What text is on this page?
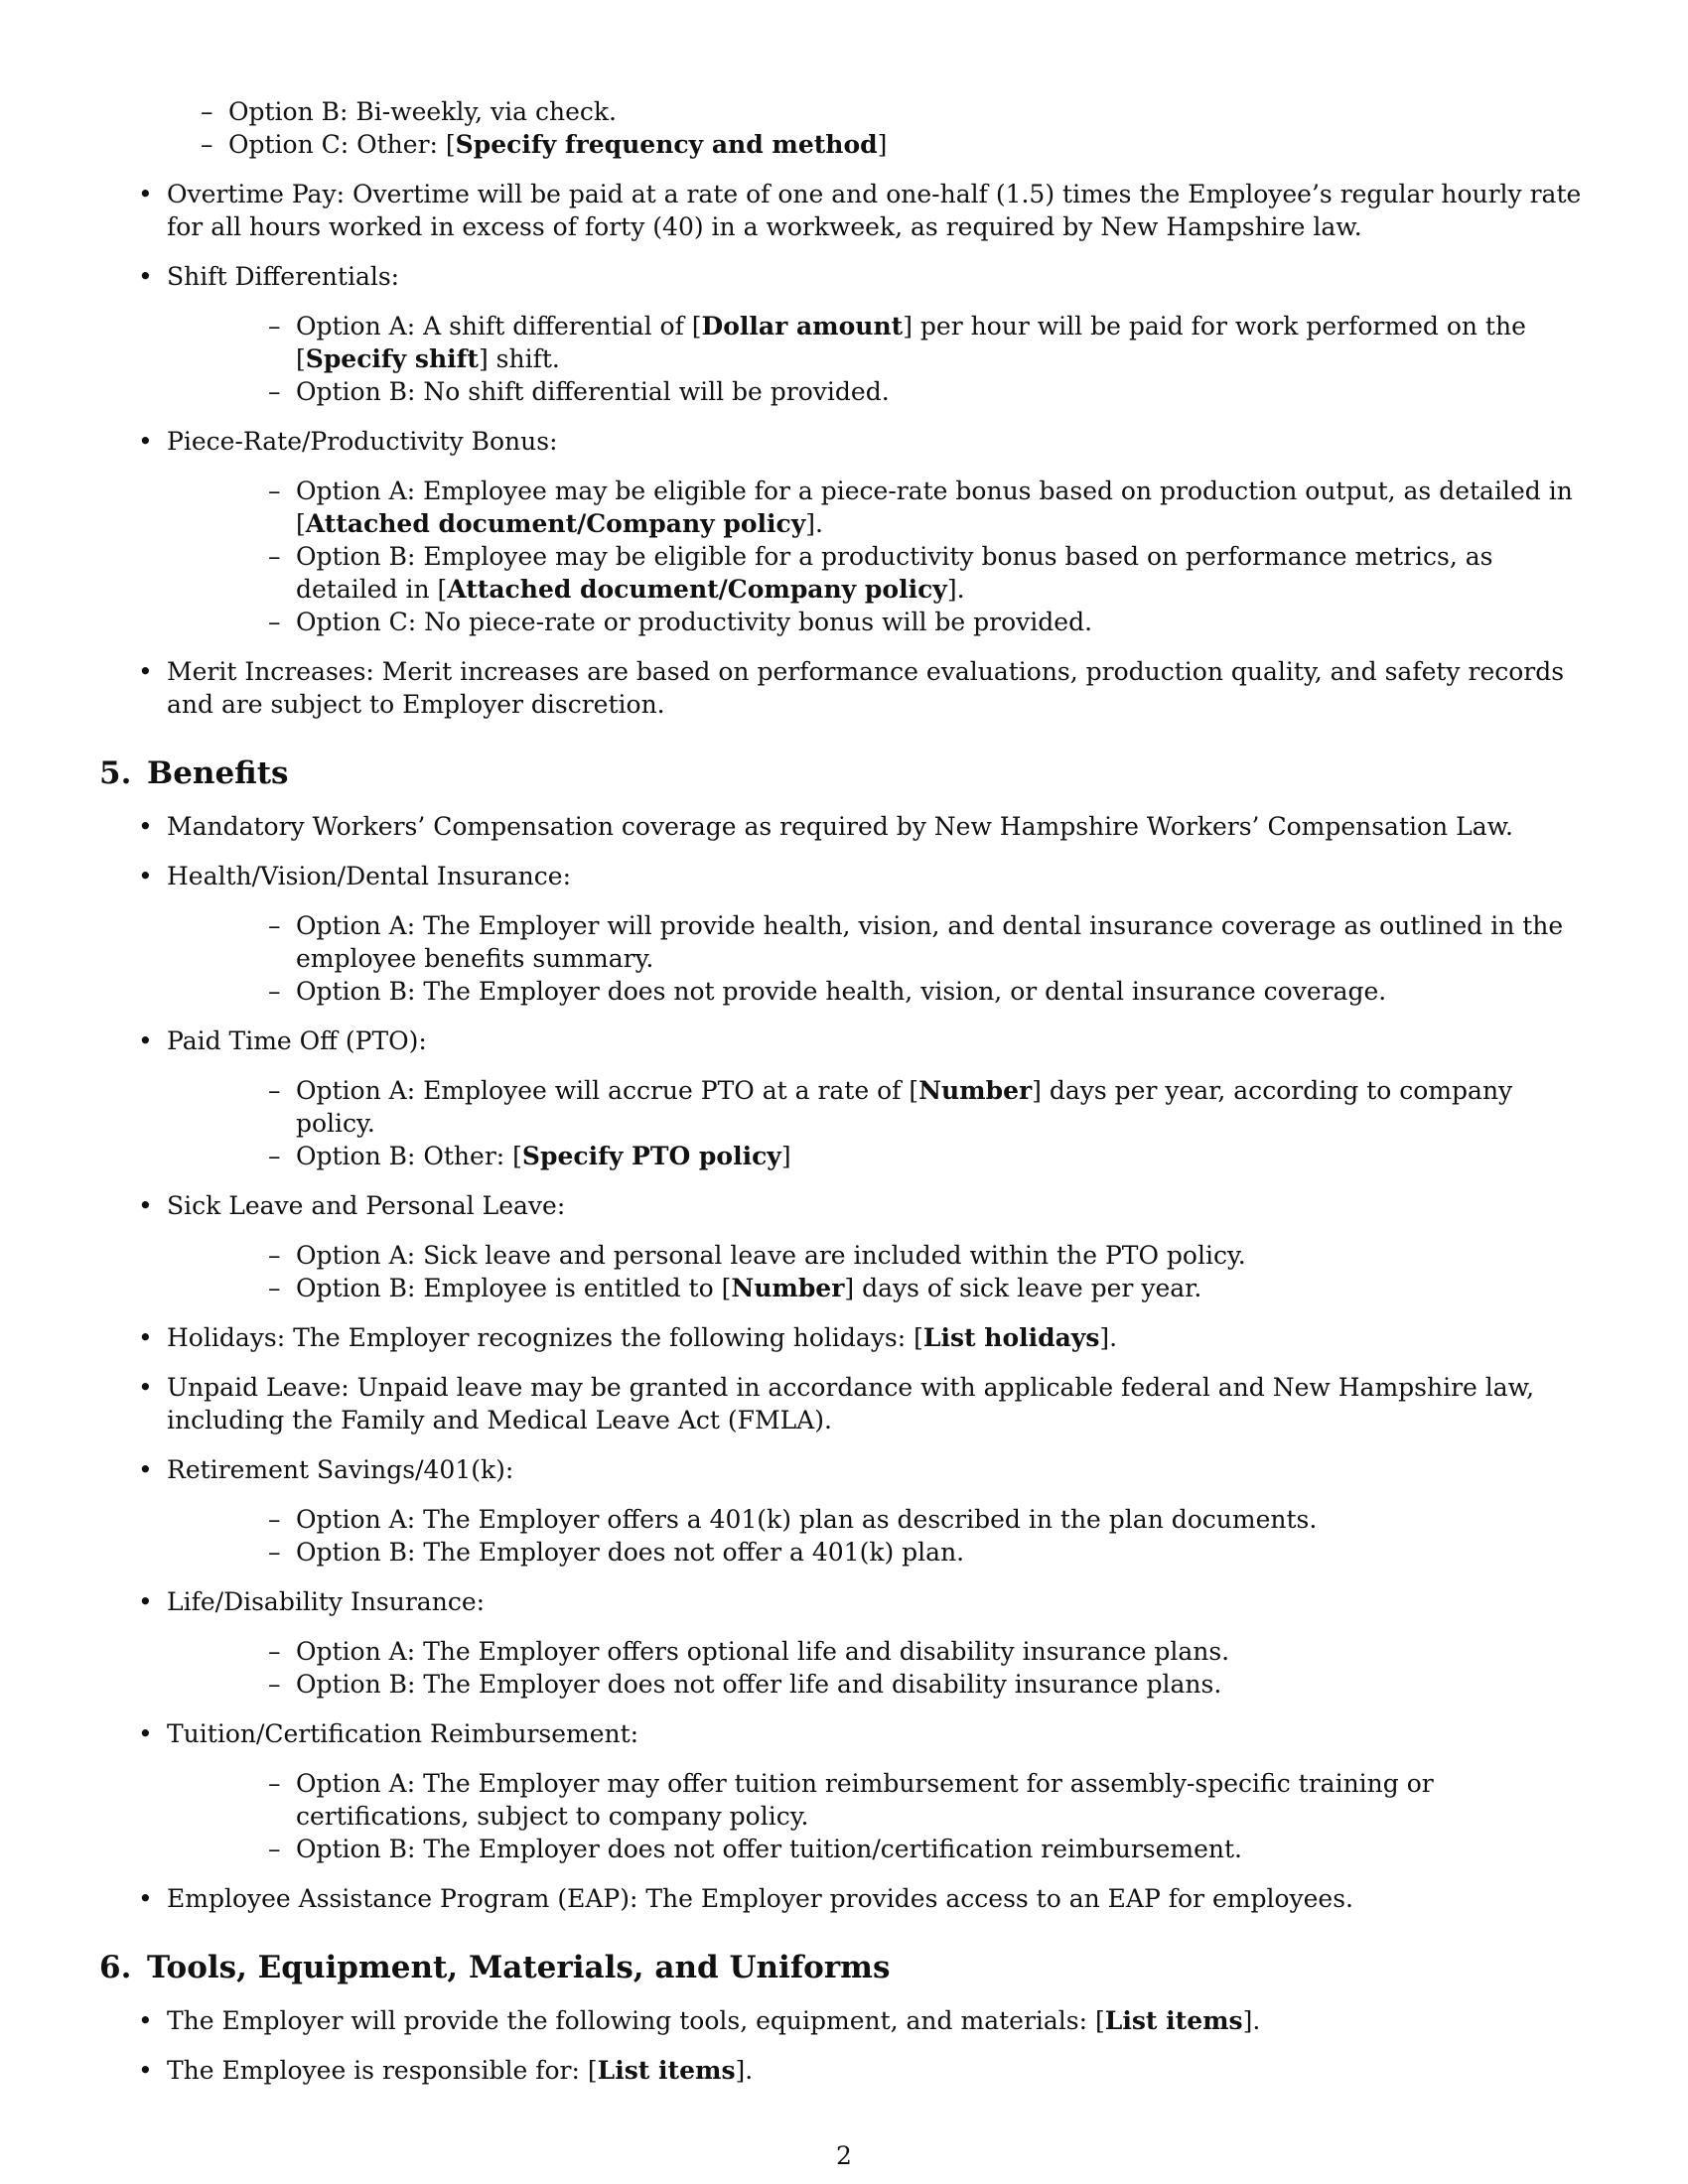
– Option B: Bi-weekly, via check.
– Option C: Other: [Specify frequency and method]
• Overtime Pay: Overtime will be paid at a rate of one and one-half (1.5) times the Employee’s regular hourly rate for all hours worked in excess of forty (40) in a workweek, as required by New Hampshire law.
• Shift Differentials:
– Option A: A shift differential of [Dollar amount] per hour will be paid for work performed on the [Specify shift] shift.
– Option B: No shift differential will be provided.
• Piece-Rate/Productivity Bonus:
– Option A: Employee may be eligible for a piece-rate bonus based on production output, as detailed in [Attached document/Company policy].
– Option B: Employee may be eligible for a productivity bonus based on performance metrics, as detailed in [Attached document/Company policy].
– Option C: No piece-rate or productivity bonus will be provided.
• Merit Increases: Merit increases are based on performance evaluations, production quality, and safety records and are subject to Employer discretion.
5. Benefits
• Mandatory Workers’ Compensation coverage as required by New Hampshire Workers’ Compensation Law.
• Health/Vision/Dental Insurance:
– Option A: The Employer will provide health, vision, and dental insurance coverage as outlined in the employee benefits summary.
– Option B: The Employer does not provide health, vision, or dental insurance coverage.
• Paid Time Off (PTO):
– Option A: Employee will accrue PTO at a rate of [Number] days per year, according to company policy.
– Option B: Other: [Specify PTO policy]
• Sick Leave and Personal Leave:
– Option A: Sick leave and personal leave are included within the PTO policy.
– Option B: Employee is entitled to [Number] days of sick leave per year.
• Holidays: The Employer recognizes the following holidays: [List holidays].
• Unpaid Leave: Unpaid leave may be granted in accordance with applicable federal and New Hampshire law, including the Family and Medical Leave Act (FMLA).
• Retirement Savings/401(k):
– Option A: The Employer offers a 401(k) plan as described in the plan documents.
– Option B: The Employer does not offer a 401(k) plan.
• Life/Disability Insurance:
– Option A: The Employer offers optional life and disability insurance plans.
– Option B: The Employer does not offer life and disability insurance plans.
• Tuition/Certification Reimbursement:
– Option A: The Employer may offer tuition reimbursement for assembly-specific training or certifications, subject to company policy.
– Option B: The Employer does not offer tuition/certification reimbursement.
• Employee Assistance Program (EAP): The Employer provides access to an EAP for employees.
6. Tools, Equipment, Materials, and Uniforms
• The Employer will provide the following tools, equipment, and materials: [List items].
• The Employee is responsible for: [List items].
2
